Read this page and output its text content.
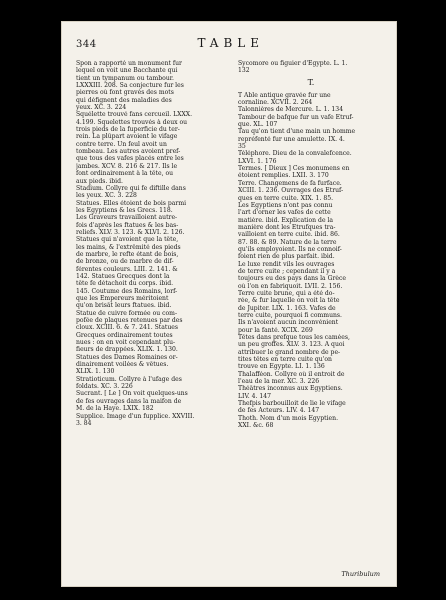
344	TABLE
Spon a rapporté un monument fur
lequel on voit une Bacchante qui
tient un tympanum ou tambour.
LXXXIII. 208. Sa conjecture fur les
pierres où font gravés des mots
qui défignent des maladies des
yeux. XC. 3. 224
Squélette trouvé fans cercueil. LXXX.
4.199. Squelettes trouvés à deux ou
trois pieds de la fuperficie du ter-
rein. La plûpart avoient le vifage
contre terre. Un feul avoit un
tombeau. Les autres avoient pref-
que tous des vafes placés entre les
jambes. XCV. 8. 216 & 217. Ils le
font ordinairement à la tête, ou
aux pieds. ibid.
Stadium. Collyre qui fe diftille dans
les yeux. XC. 3. 228
Statues. Elles étoient de bois parmi
les Egyptiens & les Grecs. 118.
Les Graveurs travailloient autre-
fois d'après les ftatues & les bas-
reliefs. XLV. 3. 123. & XLVI. 2. 126.
Statues qui n'avoient que la tête,
les mains, & l'extrêmité des pieds
de marbre, le refte étant de bois,
de bronze, ou de marbre de dif-
férentes couleurs. LIII. 2. 141. &
142. Statues Grecques dont la
tête fe détachoit du corps. ibid.
145. Coutume des Romains, lorf-
que les Empereurs méritoient
qu'on brisât leurs ftatues. ibid.
Statue de cuivre formée ou com-
pofée de plaques retenues par des
cloux. XCIII. 6. & 7. 241. Statues
Grecques ordinairement toutes
nues : on en voit cependant plu-
fieurs de drappées. XLIX. 1. 130.
Statues des Dames Romaines or-
dinairement voilées & vêtues.
XLIX. 1. 130
Stratioticum. Collyre à l'ufage des
foldats. XC. 3. 226
Sucrant. [ Le ] On voit quelques-uns
de fes ouvrages dans la maifon de
M. de la Haye. LXIX. 182
Supplice. Image d'un fupplice. XXVIII.
3. 84
Sycomore ou figuier d'Egypte. L. 1.
132
T.
T Able antique gravée fur une
cornaline. XCVII. 2. 264
Talonnières de Mercure. L. 1. 134
Tambour de bafque fur un vafe Etruf-
que. XL. 107
Tau qu'on tient d'une main un homme
repréfenté fur une amulette. IX. 4.
35
Téléphore. Dieu de la convalefcence.
LXVI. 1. 176
Termes. [ Dieux ] Ces monumens en
étoient remplies. LXII. 3. 170
Terre. Changemens de fa furface.
XCIII. 1. 236. Ouvrages des Etruf-
ques en terre cuite. XIX. 1. 85.
Les Egyptiens n'ont pas connu
l'art d'orner les vafes de cette
matière. ibid. Explication de la
manière dont les Etrufques tra-
vailloient en terre cuite. ibid. 86.
87. 88. & 89. Nature de la terre
qu'ils employoient. Ils ne connoif-
foient rien de plus parfait. ibid.
Le luxe rendit vils les ouvrages
de terre cuite ; cependant il y a
toujours eu des pays dans la Grèce
où l'on en fabriquoit. LVII. 2. 156.
Terre cuite brune, qui a été do-
rée, & fur laquelle on voit la tête
de Jupiter. LIX. 1. 163. Vafes de
terre cuite, pourquoi fi communs.
Ils n'avoient aucun inconvénient
pour la fanté. XCIX. 269
Têtes dans prefque tous les camées,
un peu groffes. XLV. 3. 123. A quoi
attribuer le grand nombre de pe-
tites têtes en terre cuite qu'on
trouve en Egypte. LI. 1. 136
Thalafféon. Collyre où il entroit de
l'eau de la mer. XC. 3. 226
Théâtres inconnus aux Egyptiens.
LIV. 4. 147
Thefpis barbouilloit de lie le vifage
de fes Acteurs. LIV. 4. 147
Thoth. Nom d'un mois Egyptien.
XXI. &c. 68
Thuribulum
